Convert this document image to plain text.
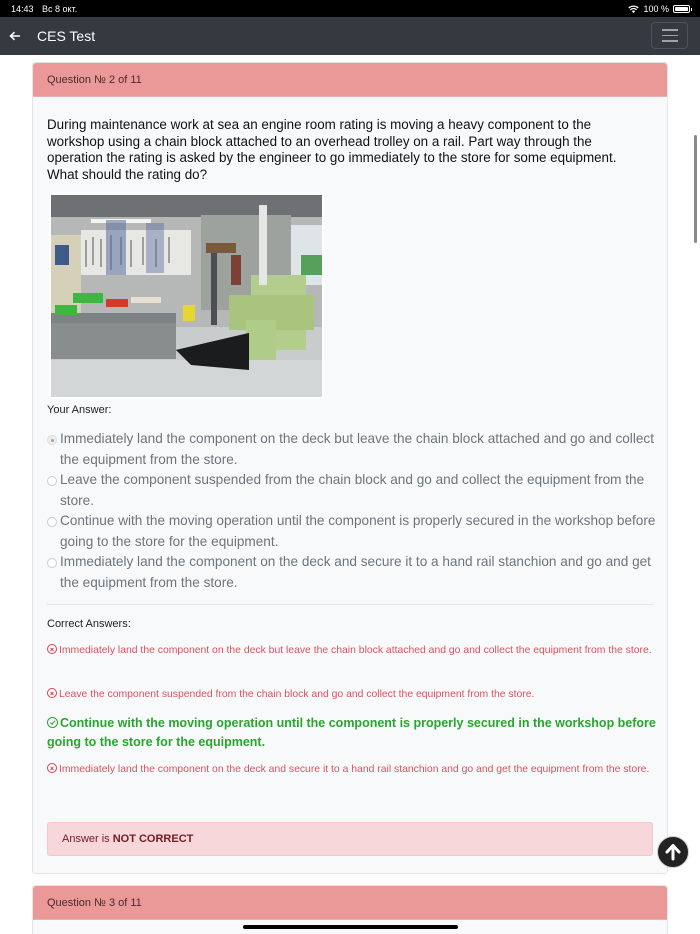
14:43 Вс 8 окт.	100 %
CES Test
Question № 2 of 11
During maintenance work at sea an engine room rating is moving a heavy component to the workshop using a chain block attached to an overhead trolley on a rail. Part way through the operation the rating is asked by the engineer to go immediately to the store for some equipment. What should the rating do?
Your Answer:
Immediately land the component on the deck but leave the chain block attached and go and collect the equipment from the store.
Leave the component suspended from the chain block and go and collect the equipment from the store.
Continue with the moving operation until the component is properly secured in the workshop before going to the store for the equipment.
Immediately land the component on the deck and secure it to a hand rail stanchion and go and get the equipment from the store.
Correct Answers:
Immediately land the component on the deck but leave the chain block attached and go and collect the equipment from the store.
Leave the component suspended from the chain block and go and collect the equipment from the store.
Continue with the moving operation until the component is properly secured in the workshop before going to the store for the equipment.
Immediately land the component on the deck and secure it to a hand rail stanchion and go and get the equipment from the store.
Answer is NOT CORRECT
Question № 3 of 11
